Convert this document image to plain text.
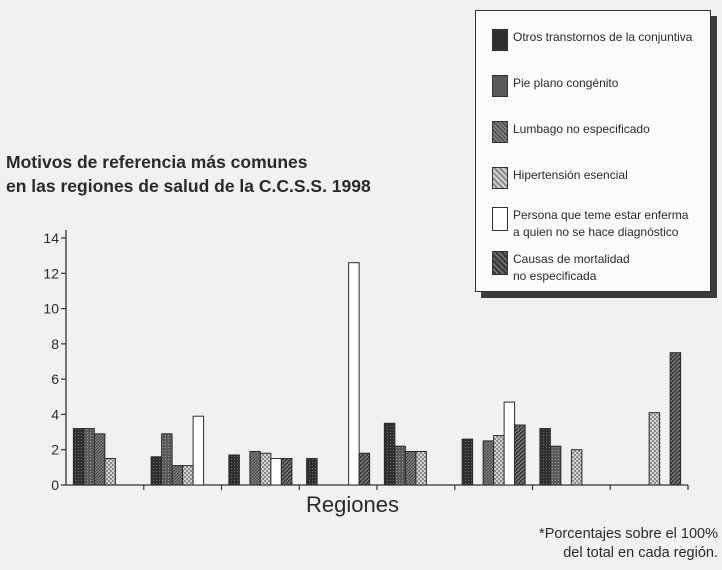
Motivos de referencia más comunes
en las regiones de salud de la C.C.S.S. 1998
0
2
4
6
8
10
12
14
Regiones
Otros transtornos de la conjuntiva
Pie plano congénito
Lumbago no especificado
Hipertensión esencial
Persona que teme estar enferma
a quien no se hace diagnóstico
Causas de mortalidad
no especificada
*Porcentajes sobre el 100%
del total en cada región.
